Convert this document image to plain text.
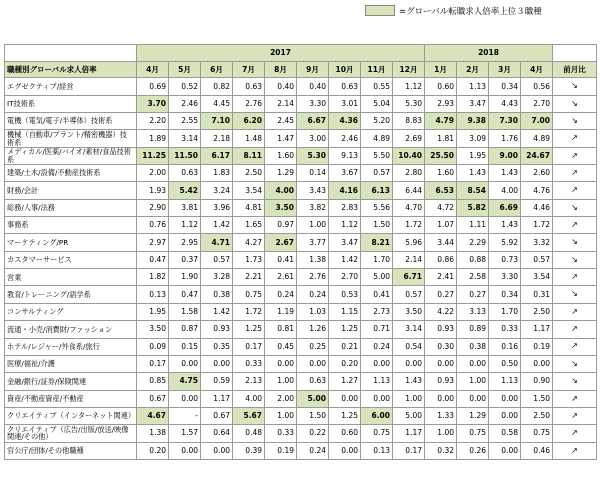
=グローバル転職求人倍率上位３職種
	2017									2018				
職種別グローバル求人倍率	4月	5月	6月	7月	8月	9月	10月	11月	12月	1月	2月	3月	4月	前月比
エグゼクティブ/経営	0.69	0.52	0.82	0.63	0.40	0.40	0.63	0.55	1.12	0.60	1.13	0.34	0.56	↘
IT技術系	3.70	2.46	4.45	2.76	2.14	3.30	3.01	5.04	5.30	2.93	3.47	4.43	2.70	↘
電機（電気/電子/半導体）技術系	2.20	2.55	7.10	6.20	2.45	6.67	4.36	5.20	8.83	4.79	9.38	7.30	7.00	↘
機械（自動車/プラント/精密機器）技術系	1.89	3.14	2.18	1.48	1.47	3.00	2.46	4.89	2.69	1.81	3.09	1.76	4.89	↗
メディカル/医薬/バイオ/素材/食品技術系	11.25	11.50	6.17	8.11	1.60	5.30	9.13	5.50	10.40	25.50	1.95	9.00	24.67	↗
建築/土木/設備/不動産技術系	2.00	0.63	1.83	2.50	1.29	0.14	3.67	0.57	2.80	1.60	1.43	1.43	2.60	↗
財務/会計	1.93	5.42	3.24	3.54	4.00	3.43	4.16	6.13	6.44	6.53	8.54	4.00	4.76	↗
総務/人事/法務	2.90	3.81	3.96	4.81	3.50	3.82	2.83	5.56	4.70	4.72	5.82	6.69	4.46	↘
事務系	0.76	1.12	1.42	1.65	0.97	1.00	1.12	1.50	1.72	1.07	1.11	1.43	1.72	↗
マーケティング/PR	2.97	2.95	4.71	4.27	2.67	3.77	3.47	8.21	5.96	3.44	2.29	5.92	3.32	↘
カスタマーサービス	0.47	0.37	0.57	1.73	0.41	1.38	1.42	1.70	2.14	0.86	0.88	0.73	0.57	↘
営業	1.82	1.90	3.28	2.21	2.61	2.76	2.70	5.00	6.71	2.41	2.58	3.30	3.54	↗
教育/トレーニング/語学系	0.13	0.47	0.38	0.75	0.24	0.24	0.53	0.41	0.57	0.27	0.27	0.34	0.31	↘
コンサルティング	1.95	1.58	1.42	1.72	1.19	1.03	1.15	2.73	3.50	4.22	3.13	1.70	2.50	↗
流通・小売/消費財/ファッション	3.50	0.87	0.93	1.25	0.81	1.26	1.25	0.71	3.14	0.93	0.89	0.33	1.17	↗
ホテル/レジャー/外食系/旅行	0.09	0.15	0.35	0.17	0.45	0.25	0.21	0.24	0.54	0.30	0.38	0.16	0.19	↗
医療/福祉/介護	0.17	0.00	0.00	0.33	0.00	0.00	0.20	0.00	0.00	0.00	0.00	0.50	0.00	↘
金融/銀行/証券/保険関連	0.85	4.75	0.59	2.13	1.00	0.63	1.27	1.13	1.43	0.93	1.00	1.13	0.90	↘
資産/不動産資産/不動産	0.67	0.00	1.17	4.00	2.00	5.00	0.00	0.00	1.00	0.00	0.00	0.00	1.50	↗
クリエイティブ（インターネット関連）	4.67	-	0.67	5.67	1.00	1.50	1.25	6.00	5.00	1.33	1.29	0.00	2.50	↗
クリエイティブ（広告/出版/放送/映像関連/その他）	1.38	1.57	0.64	0.48	0.33	0.22	0.60	0.75	1.17	1.00	0.75	0.58	0.75	↗
官公庁/団体/その他職種	0.20	0.00	0.00	0.39	0.19	0.24	0.00	0.13	0.17	0.32	0.26	0.00	0.46	↗
